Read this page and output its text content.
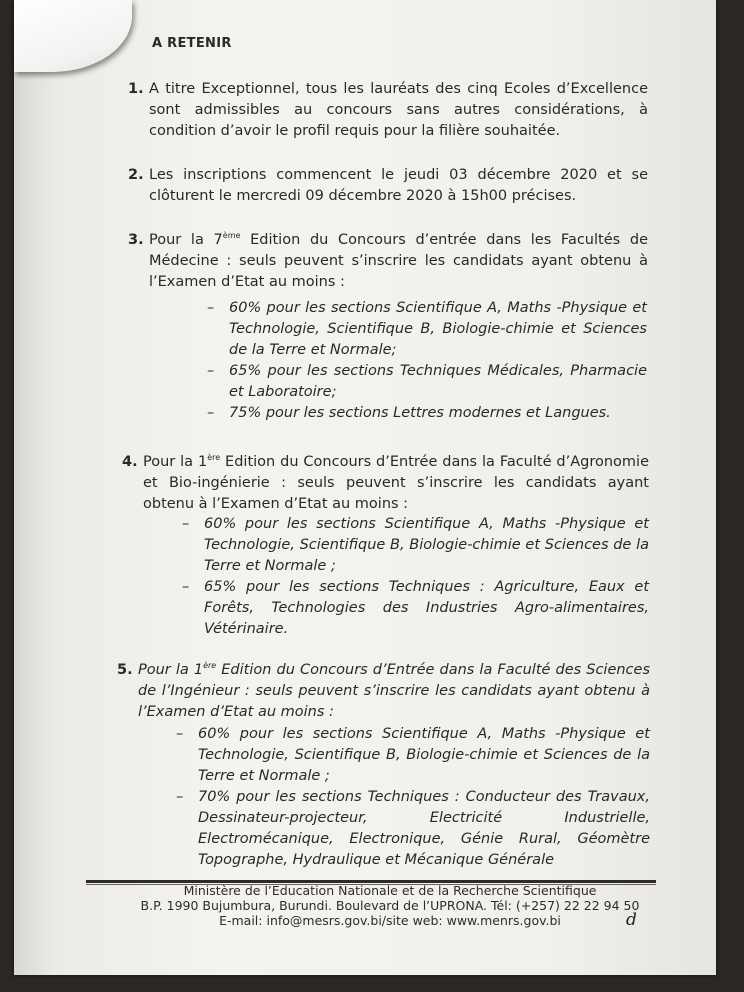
A RETENIR
1. A titre Exceptionnel, tous les lauréats des cinq Ecoles d’Excellence sont admissibles au concours sans autres considérations, à condition d’avoir le profil requis pour la filière souhaitée.
2. Les inscriptions commencent le jeudi 03 décembre 2020 et se clôturent le mercredi 09 décembre 2020 à 15h00 précises.
3. Pour la 7ème Edition du Concours d’entrée dans les Facultés de Médecine : seuls peuvent s’inscrire les candidats ayant obtenu à l’Examen d’Etat au moins :
– 60% pour les sections Scientifique A, Maths -Physique et Technologie, Scientifique B, Biologie-chimie et Sciences de la Terre et Normale;
– 65% pour les sections Techniques Médicales, Pharmacie et Laboratoire;
– 75% pour les sections Lettres modernes et Langues.
4. Pour la 1ère Edition du Concours d’Entrée dans la Faculté d’Agronomie et Bio-ingénierie : seuls peuvent s’inscrire les candidats ayant obtenu à l’Examen d’Etat au moins :
– 60% pour les sections Scientifique A, Maths -Physique et Technologie, Scientifique B, Biologie-chimie et Sciences de la Terre et Normale ;
– 65% pour les sections Techniques : Agriculture, Eaux et Forêts, Technologies des Industries Agro-alimentaires, Vétérinaire.
5. Pour la 1ère Edition du Concours d’Entrée dans la Faculté des Sciences de l’Ingénieur : seuls peuvent s’inscrire les candidats ayant obtenu à l’Examen d’Etat au moins :
– 60% pour les sections Scientifique A, Maths -Physique et Technologie, Scientifique B, Biologie-chimie et Sciences de la Terre et Normale ;
– 70% pour les sections Techniques : Conducteur des Travaux, Dessinateur-projecteur, Electricité Industrielle, Electromécanique, Electronique, Génie Rural, Géomètre Topographe, Hydraulique et Mécanique Générale
Ministère de l’Education Nationale et de la Recherche Scientifique
B.P. 1990 Bujumbura, Burundi. Boulevard de l’UPRONA. Tél: (+257) 22 22 94 50
E-mail: info@mesrs.gov.bi/site web: www.menrs.gov.bi	d
